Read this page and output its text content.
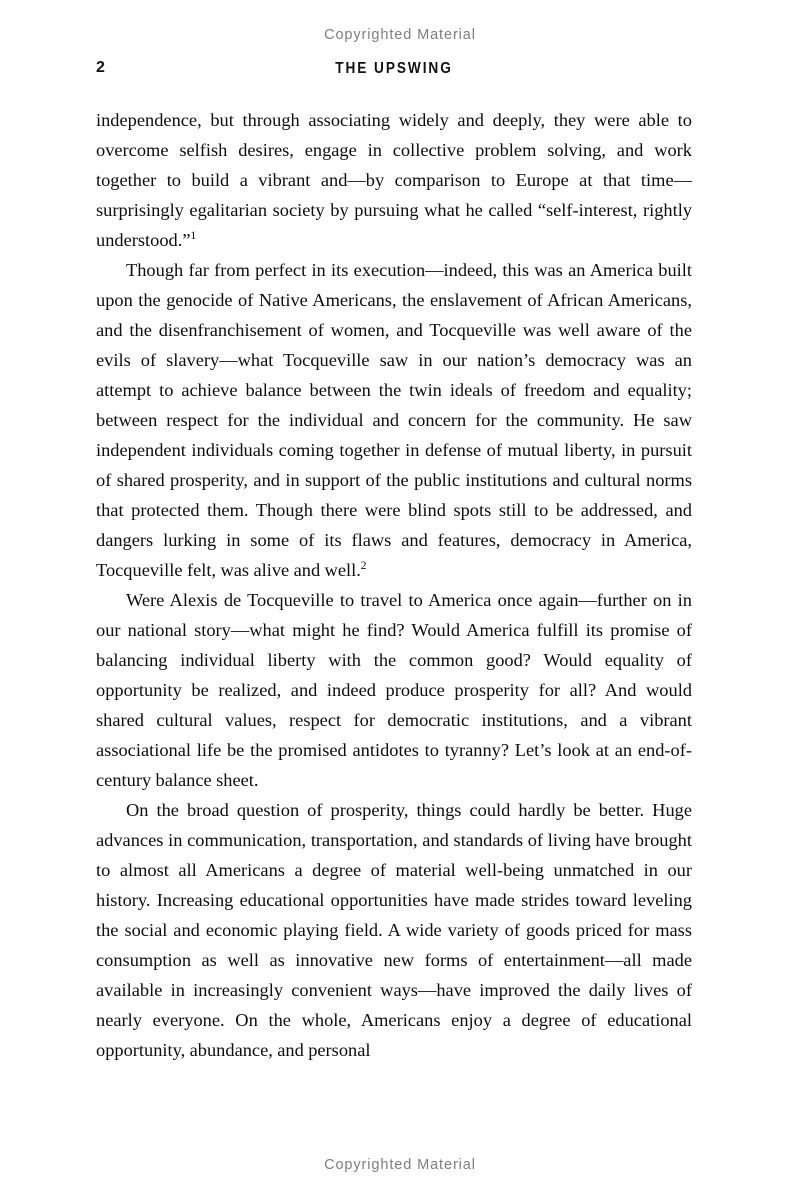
Copyrighted Material
2	THE UPSWING

independence, but through associating widely and deeply, they were able to overcome selfish desires, engage in collective problem solving, and work together to build a vibrant and—by comparison to Europe at that time—surprisingly egalitarian society by pursuing what he called “self-interest, rightly understood.”$^1$

Though far from perfect in its execution—indeed, this was an America built upon the genocide of Native Americans, the enslavement of African Americans, and the disenfranchisement of women, and Tocqueville was well aware of the evils of slavery—what Tocqueville saw in our nation’s democracy was an attempt to achieve balance between the twin ideals of freedom and equality; between respect for the individual and concern for the community. He saw independent individuals coming together in defense of mutual liberty, in pursuit of shared prosperity, and in support of the public institutions and cultural norms that protected them. Though there were blind spots still to be addressed, and dangers lurking in some of its flaws and features, democracy in America, Tocqueville felt, was alive and well.$^2$

Were Alexis de Tocqueville to travel to America once again—further on in our national story—what might he find? Would America fulfill its promise of balancing individual liberty with the common good? Would equality of opportunity be realized, and indeed produce prosperity for all? And would shared cultural values, respect for democratic institutions, and a vibrant associational life be the promised antidotes to tyranny? Let’s look at an end-of-century balance sheet.

On the broad question of prosperity, things could hardly be better. Huge advances in communication, transportation, and standards of living have brought to almost all Americans a degree of material well-being unmatched in our history. Increasing educational opportunities have made strides toward leveling the social and economic playing field. A wide variety of goods priced for mass consumption as well as innovative new forms of entertainment—all made available in increasingly convenient ways—have improved the daily lives of nearly everyone. On the whole, Americans enjoy a degree of educational opportunity, abundance, and personal

Copyrighted Material
